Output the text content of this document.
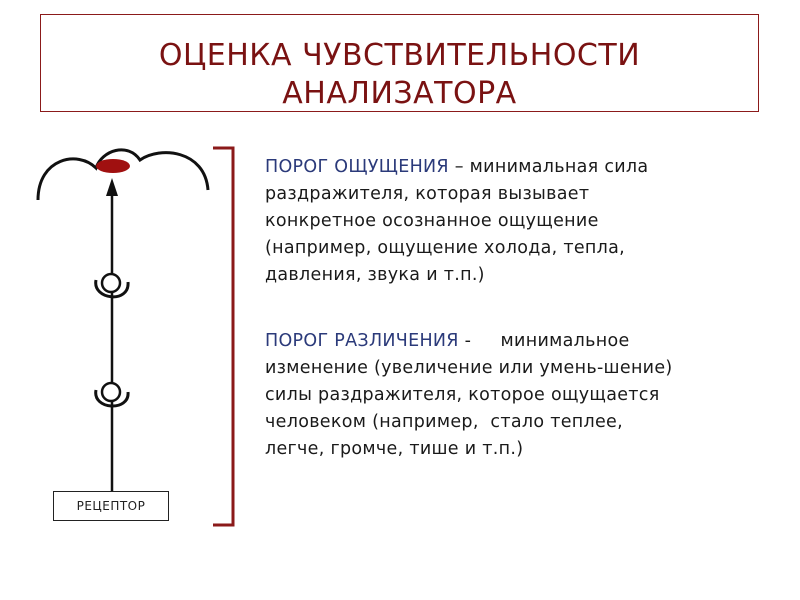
ОЦЕНКА ЧУВСТВИТЕЛЬНОСТИ
АНАЛИЗАТОРА
РЕЦЕПТОР
ПОРОГ ОЩУЩЕНИЯ – минимальная сила
раздражителя, которая вызывает
конкретное осознанное ощущение
(например, ощущение холода, тепла,
давления, звука и т.п.)
ПОРОГ РАЗЛИЧЕНИЯ -     минимальное
изменение (увеличение или умень-шение)
силы раздражителя, которое ощущается
человеком (например,  стало теплее,
легче, громче, тише и т.п.)
